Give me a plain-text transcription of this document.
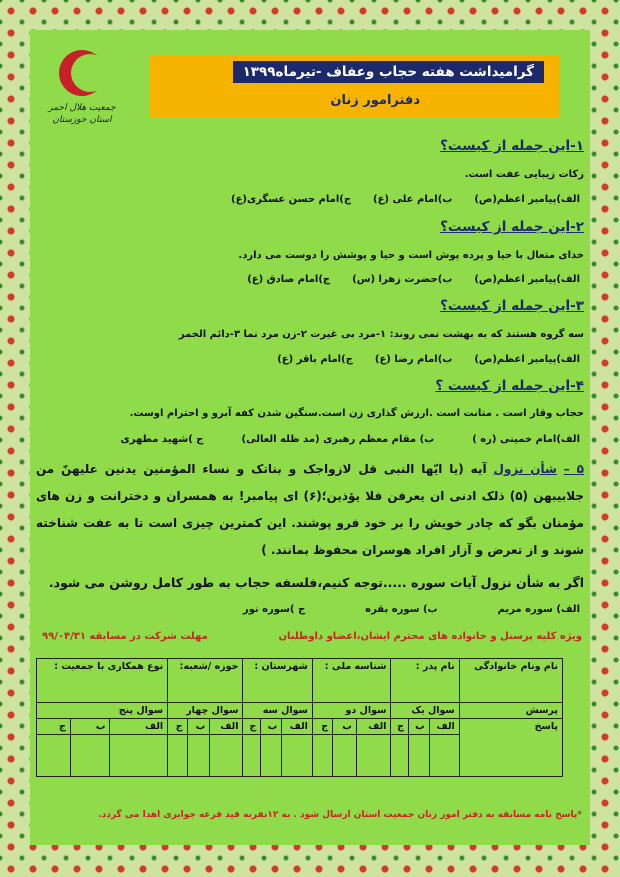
جمعیت هلال احمر
استان خوزستان
گرامیداشت هفته حجاب وعفاف -تیرماه۱۳۹۹
دفترامور زنان
۱-این جمله از کیست؟
زکات زیبایی عفت است.
الف)پیامبر اعظم(ص)
ب)امام علی (ع)
ج)امام حسن عسگری(ع)
۲-این جمله از کیست؟
خدای متعال با حیا و پرده پوش است و حیا و پوشش را دوست می دارد.
الف)پیامبر اعظم(ص)
ب)حضرت زهرا (س)
ج)امام صادق (ع)
۳-این جمله از کیست؟
سه گروه هستند که به بهشت نمی روند: ۱-مرد بی غیرت ۲-زن مرد نما ۳-دائم الخمر
الف)پیامبر اعظم(ص)
ب)امام رضا (ع)
ج)امام باقر (ع)
۴-این جمله از کیست ؟
حجاب وقار است . متانت است .ارزش گذاری زن است.سنگین شدن کفه آبرو و احترام اوست.
الف)امام خمینی (ره )
ب) مقام معظم رهبری (مد ظله العالی)
ج )شهید مطهری
۵ – شأن نزول آیه (یا ایّها النبی قل لازواجک و بناتک و نساء المؤمنین یدنین علیهنّ من جلابیبهن (۵) ذلک ادنی ان یعرفن فلا یؤذین؛(۶) ای پیامبر! به همسران و دخترانت و زن های مؤمنان بگو که چادر خویش را بر خود فرو پوشند. این کمترین چیزی است تا به عفت شناخته شوند و از تعرض و آزار افراد هوسران محفوظ بمانند. )
اگر به شأن نزول آیات سوره .....توجه کنیم،فلسفه حجاب به طور کامل روشن می شود.
الف) سوره مریم
ب) سوره بقره
ج )سوره نور
ویژه کلیه پرسنل و خانواده های محترم ایشان،اعضاو داوطلبان
مهلت شرکت در مسابقه ۹۹/۰۴/۳۱
نام ونام خانوادگی	نام پدر :			شناسه ملی :			شهرستان :			حوزه /شعبه:			نوع همکاری با جمعیت :		
پرسش	سوال یک			سوال دو			سوال سه			سوال چهار			سوال پنج		
پاسخ	الف	ب	ج	الف	ب	ج	الف	ب	ج	الف	ب	ج	الف	ب	ج

*پاسخ نامه مسابقه به دفتر امور زنان جمعیت استان ارسال شود . به ۱۲نفربه قید قرعه جوایزی اهدا می گردد.
